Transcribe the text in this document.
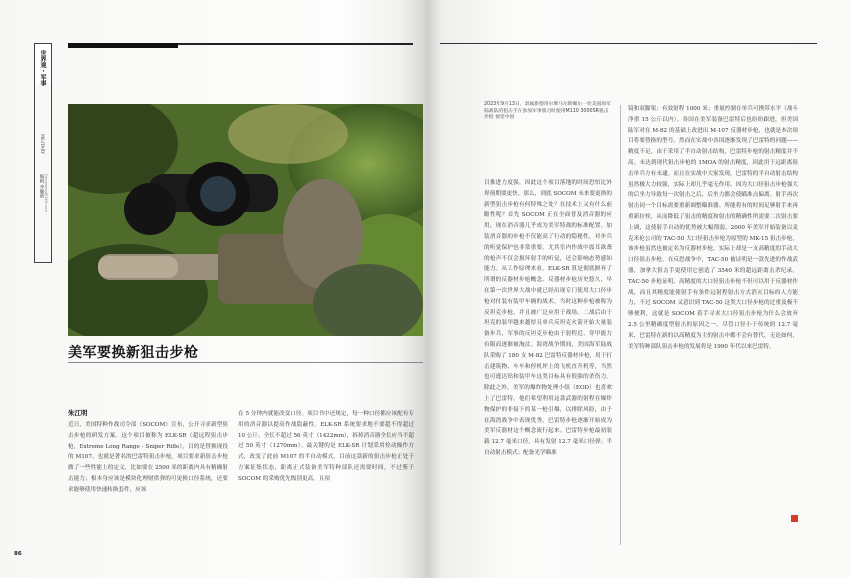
世界观・军事
MILITARY
编辑 李毓新 limonseng@163.com
美军要换新狙击步枪
朱江明
近日，美国特种作战司令部（SOCOM）宣布，公开寻求新型狙击步枪的研发方案。这个项目被称为 ELK-SR（超远程狙击步枪，Extreme Long Range - Sniper Rifle），目的是替换现役的 M107、也就是著名的巴雷特狙击步枪。项目要求新狙击步枪做了一些性能上的定义，比如要在 2500 米的距离内具有精确射击能力；根本身应该是模块化理财供弹的可更换口径系统，还要求能够使用快速转换套件，应该
在 5 分钟内就能改变口径。项目书中还规定，每一种口径都应该配有专用的消音器以提高作战隐蔽性。ELK-SR 系统要求地不要超不得超过 10 公斤，全长不超过 56 英寸（1422mm），拆掉消音器全长应当不超过 50 英寸（1270mm）。最关键的是 ELK-SR 计划采用栓动操作方式，改变了此前 M107 的半自动模式。目前这款新的狙击步枪正处于方案征集状态，距离正式装备美军特种部队还需要时间，不过鉴于 SOCOM 的采购优先级别更高，且项
2023年9月13日，隶属新德哥尔摩马尔斯佩尔一处美国海军陆战队的狙击手在参加军事演习时使用M110 3000SR狙击步枪 视觉中国
目推进力度强，因此这个项目落地的时间恐怕比外界预期要更快。那么，到底 SOCOM 未来要更换的新型狙击步枪有何特殊之处？在技术上又有什么前瞻性呢？首先 SOCOM 正在全面普及消音器的应用，现在消音器几乎成为美军特战的标准配置。加装消音器的步枪不仅能高了行动的隐秘性，对步兵的听觉保护也非常重要。尤其室内作战中震耳欲聋的枪声不仅会损坏射手的听觉，还会影响态势感知能力。从工作原理来看，ELK-SR 算是彻底摒弃了所谓的反器材步枪概念。反器材步枪历史悠久，早在第一次世界大战中就已经出现专门使用大口径步枪对付装有装甲车辆的战术，当时这种步枪被称为反坦克步枪，并且被广泛应用于战场。二战后由于坦克的装甲越来越厚且单兵反坦克火箭开始大量装备步兵，军事的反坦克步枪由于射程近、穿甲能力有限而逐渐被淘汰。海湾战争期间，美国海军陆战队采购了 180 支 M-82 巴雷特反器材步枪，用于打击建筑物、车车和停机坪上的飞机直升机等，当然也可逃达钻和装甲车这类目标具有很强的杀伤力。除此之外，美军的爆炸物处理小组（EOD）也喜欢上了巴雷特，他们希望利用这款武器的射程在爆炸物保护的非接下的某一枪引爆，以排除风险，由于在海湾战争中表现优秀，巴雷特步枪逐渐开始成为美军反器材这个概念流行起来。巴雷特步枪最初装载 12.7 毫米口径，具有发射 12.7 毫米口径弹；半自动射击模式；配备光学瞄准
镜和双脚架；有效射程 1000 米；重量控制在单兵可携带水平（战斗净重 15 公斤以内）。各国在美军装备巴雷特后也纷纷跟进，但美国陆军对在 M-82 的基础上改进出 M-107 反器材步枪，也就是本次项目将要替换的型号。然而在实战中各国逐渐发现了巴雷特的问题——精度不足，由于采用了半自动射击结构，巴雷特步枪的射击精度并不高。未达到现代狙击步枪的 1MOA 的射击精度，因此用于远距离狙击单兵方有未逮。而且在实战中大家发现，巴雷特的半自动射击结构虽然极大力较强，实际上却几乎毫无作用。因为大口径狙击步枪强大的后坐力导致每一次射击之后，后坐力都会使瞄准点偏离。射手再次射击同一个目标需要重新调整瞄准器。所能将有的时间足够射手来再重新拉栓，从而降低了狙击的精度和射击的精确性所需要二次射击要上调，这使射手自动的优势被大幅削弱。2000 年美军开始装备以麦克米伦公司的 TAC-50 大口径狙击步枪为原型的 MK-15 狙击步枪，该步枪虽然也被定名为反器材步枪，实际上却是一支高精度的手动大口径狙击步枪。在反恐战争中，TAC-50 被证明是一款先进的作战武器，加拿大狙击手更使用它创造了 3540 米的超远距离击杀纪录。TAC-50 步枪证明，高精度的大口径狙击步枪不但可以用于反器材作战，而且其精度能使射手有条件远射程射击方式消灭目标的人力能力，不过 SOCOM 又意识到 TAC-50 这类大口径步枪的过重及极不够便利，这就是 SOCOM 着手寻求大口径狙击步枪为什么会放弃 2.5 公里精确度型射击的原因之一。尽管口径小于传统的 12.7 毫米，巴雷特在新的以高精度为主的射击中都不会有替代，无论如何，美军特种部队狙击步枪的发展将是 1990 年代以来巴雷特。
86
